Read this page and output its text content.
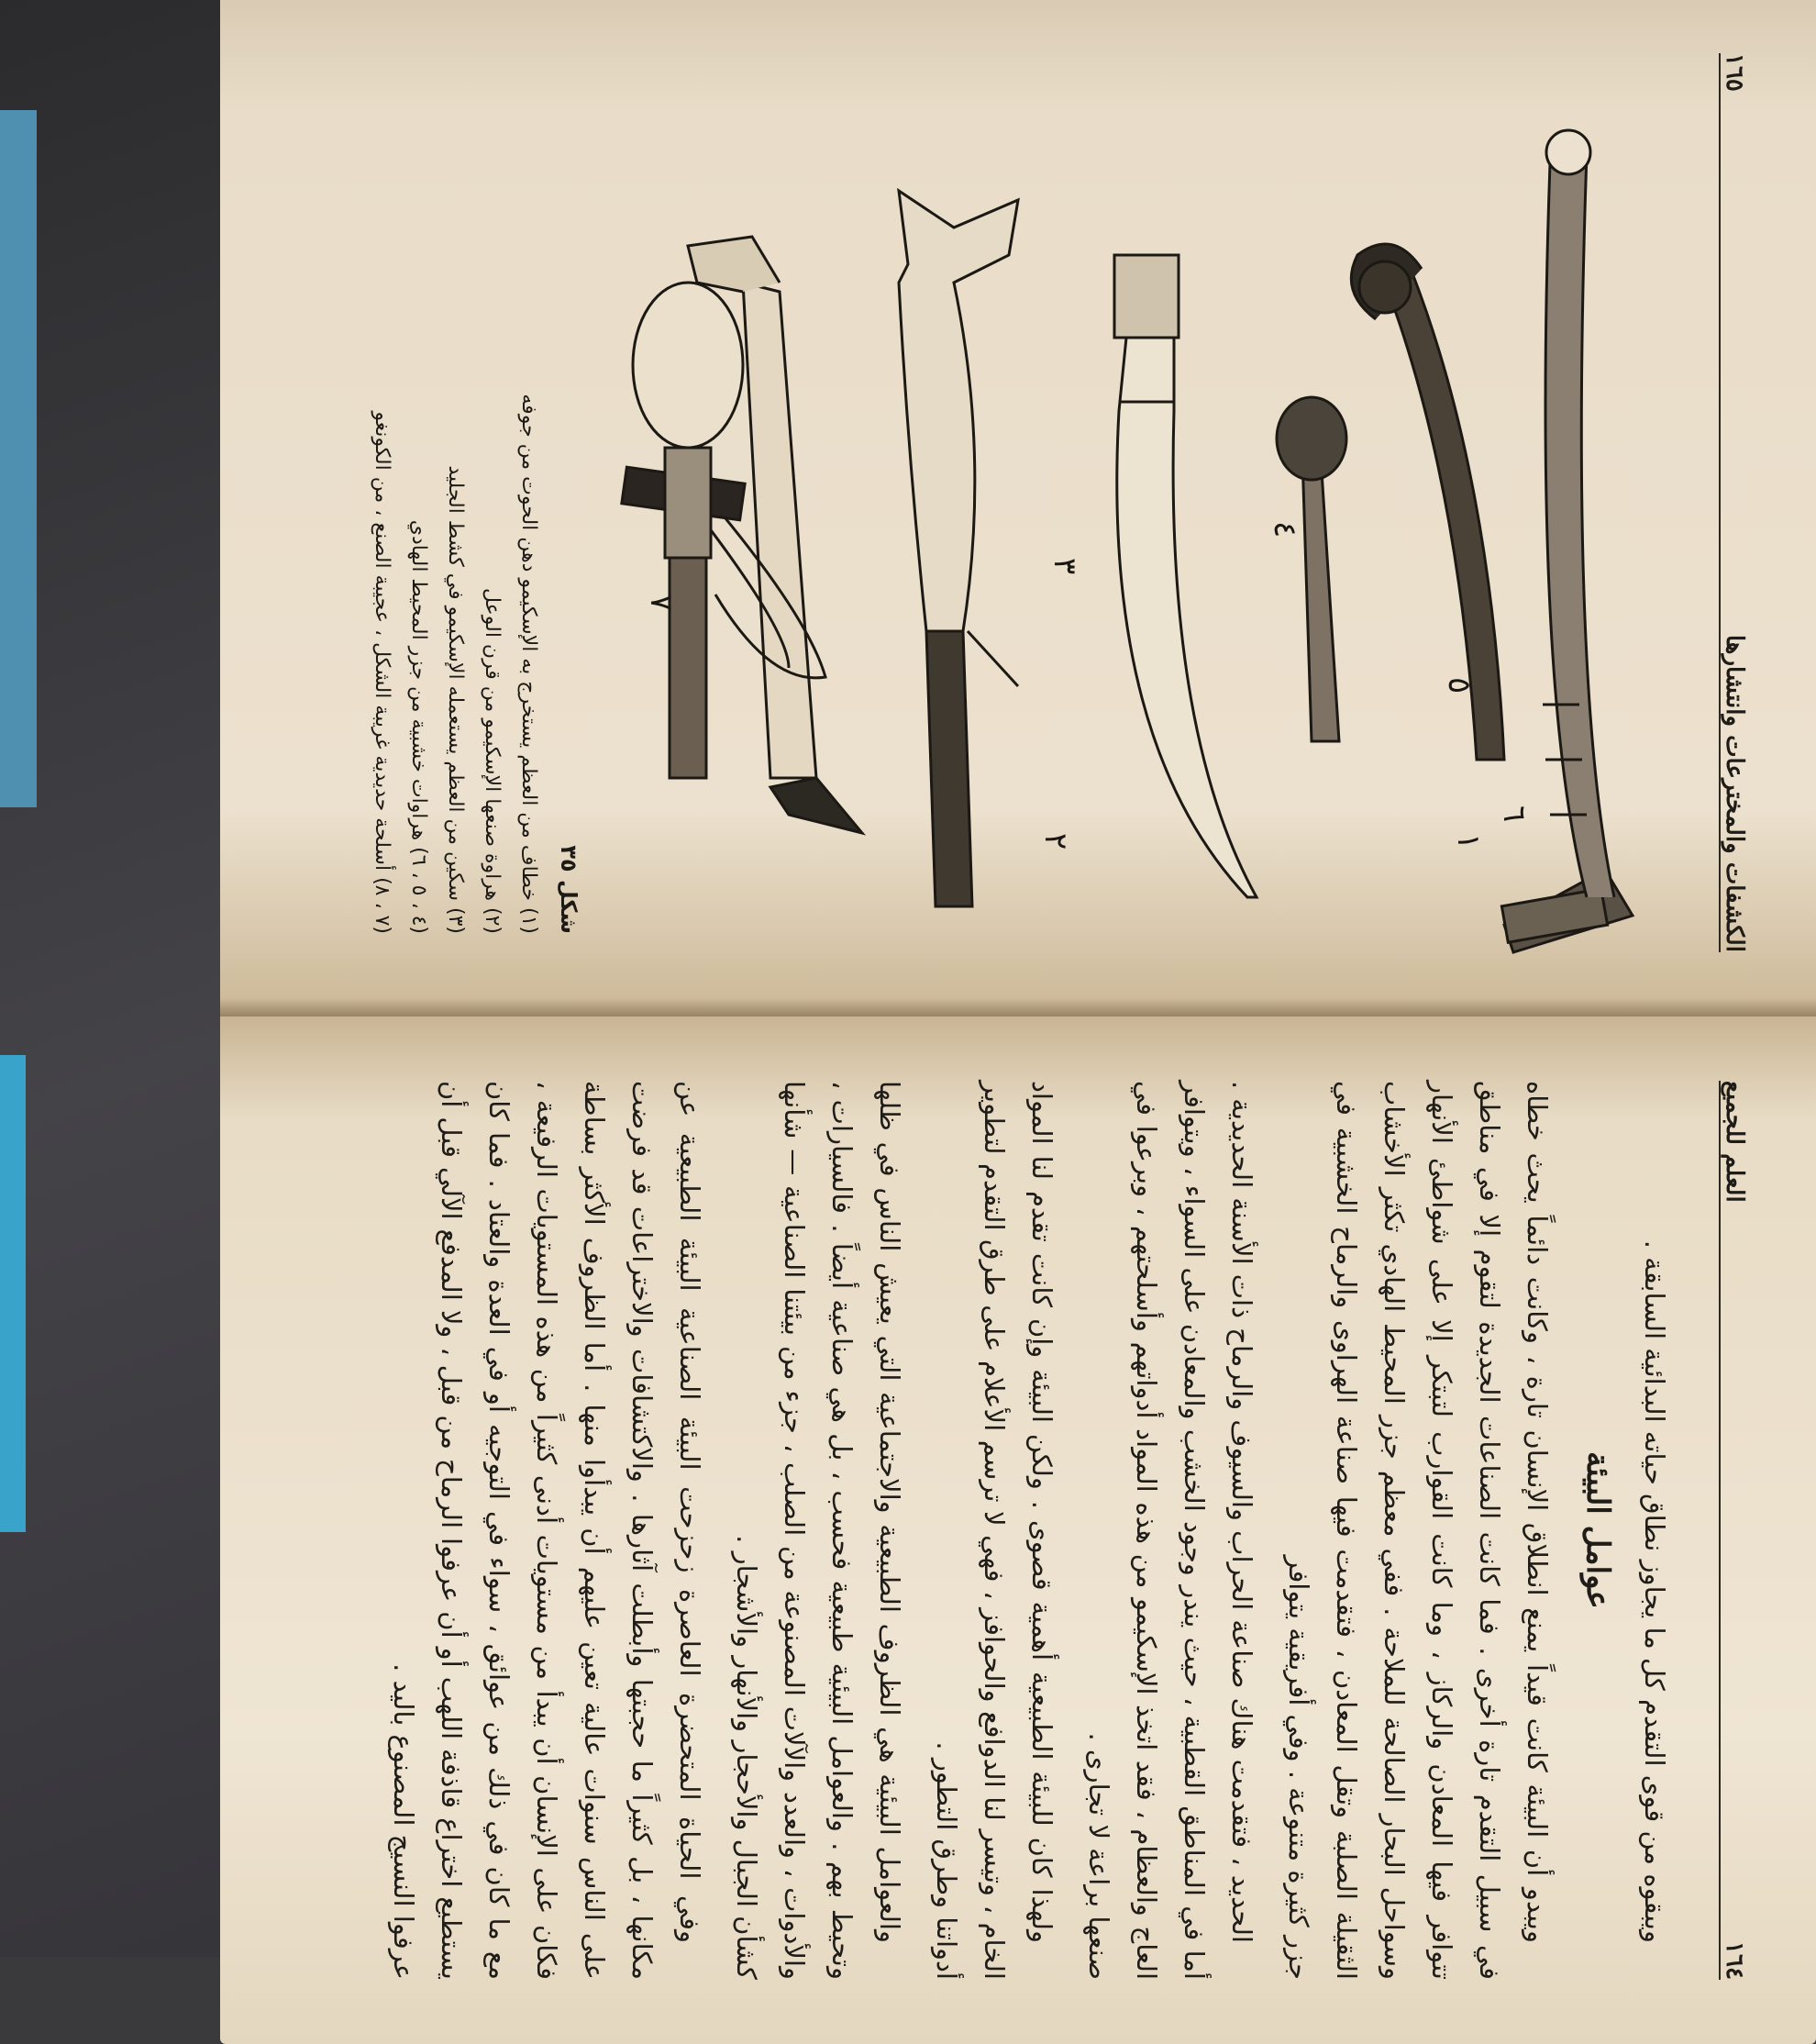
الكشفات والمخترعات وانتشارها
١٦٥
١
٢
٣
٤
٥
٦
٧
شكل ٣٥
(١) خطاف من العظم يستخرج به الإسكيمو دهن الحوت من جوفه
(٢) هراوة صنعها الإسكيمو من قرن الوعل
(٣) سكين من العظم يستعمله الإسكيمو في كشط الجليد
(٤ ، ٥ ، ٦) هراوات خشبية من جزر المحيط الهادي
(٧ ، ٨) أسلحة حديدية غريبة الشكل ، عجيبة الصنع ، من الكونغو
١٦٤
العلم للجميع

ويبقوه من قوى التقدم كل ما يجاوز نطاق حياته البدائية السابقة .

عوامل البيئة

ويبدو أن البيئة كانت قيداً يمنع انطلاق الإنسان تارة ، وكانت دائماً يحث خطاه في سبيل التقدم تارة أخرى . فما كانت الصناعات الجديدة لتقوم إلا في مناطق تتوافر فيها المعادن والركاز ، وما كانت القوارب لتبتكر إلا على شواطئ الأنهار وسواحل البحار الصالحة للملاحة . ففي معظم جزر المحيط الهادي تكثر الأخشاب الثقيلة الصلبة وتقل المعادن ، فتقدمت فيها صناعة الهراوى والرماح الخشبية في جزر كثيرة متنوعة . وفي أفريقية يتوافر

الحديد ، فتقدمت هناك صناعة الحراب والسيوف والرماح ذات الأسنة الحديدية . أما في المناطق القطبية ، حيث يندر وجود الخشب والمعادن على السواء ، ويتوافر العاج والعظام ، فقد اتخذ الإسكيمو من هذه المواد أدواتهم وأسلحتهم ، وبرعوا في صنعها براعة لا تجارى .

ولهذا كان للبيئة الطبيعية أهمية قصوى . ولكن البيئة وإن كانت تقدم لنا المواد الخام ، وتيسر لنا الدوافع والحوافز ، فهي لا ترسم الأعلام على طرق التقدم لتطوير أدواتنا وطرق التطور .

والعوامل البيئية هي الظروف الطبيعية والاجتماعية التي يعيش الناس في ظلها وتحيط بهم . والعوامل البيئية طبيعية فحسب ، بل هي صناعية أيضاً . فالسيارات ، والأدوات ، والعدد والآلات المصنوعة من الصلب ، جزء من بيئتنا الصناعية — شأنها كشأن الجبال والأحجار والأنهار والأشجار .

وفي الحياة المتحضرة العاصرة زحزحت البيئة الصناعية البيئة الطبيعية عن مكانها ، بل كثيراً ما حجبتها وأبطلت آثارها . والاكتشافات والاختراعات قد فرضت على الناس سنوات عالية تعين عليهم أن يبدأوا منها . أما الظروف الأكثر بساطة فكان على الإنسان أن يبدأ من مستويات أدنى كثيراً من هذه المستويات الرفيعة ، مع ما كان في ذلك من عوائق ، سواء في التوجيه أو في العدة والعتاد . فما كان يستطيع اختراع قاذفة اللهب أو أن عرفوا الرماح من قبل ، ولا المدفع الآلي قبل أن عرفوا النسيج المصنوع باليد .
